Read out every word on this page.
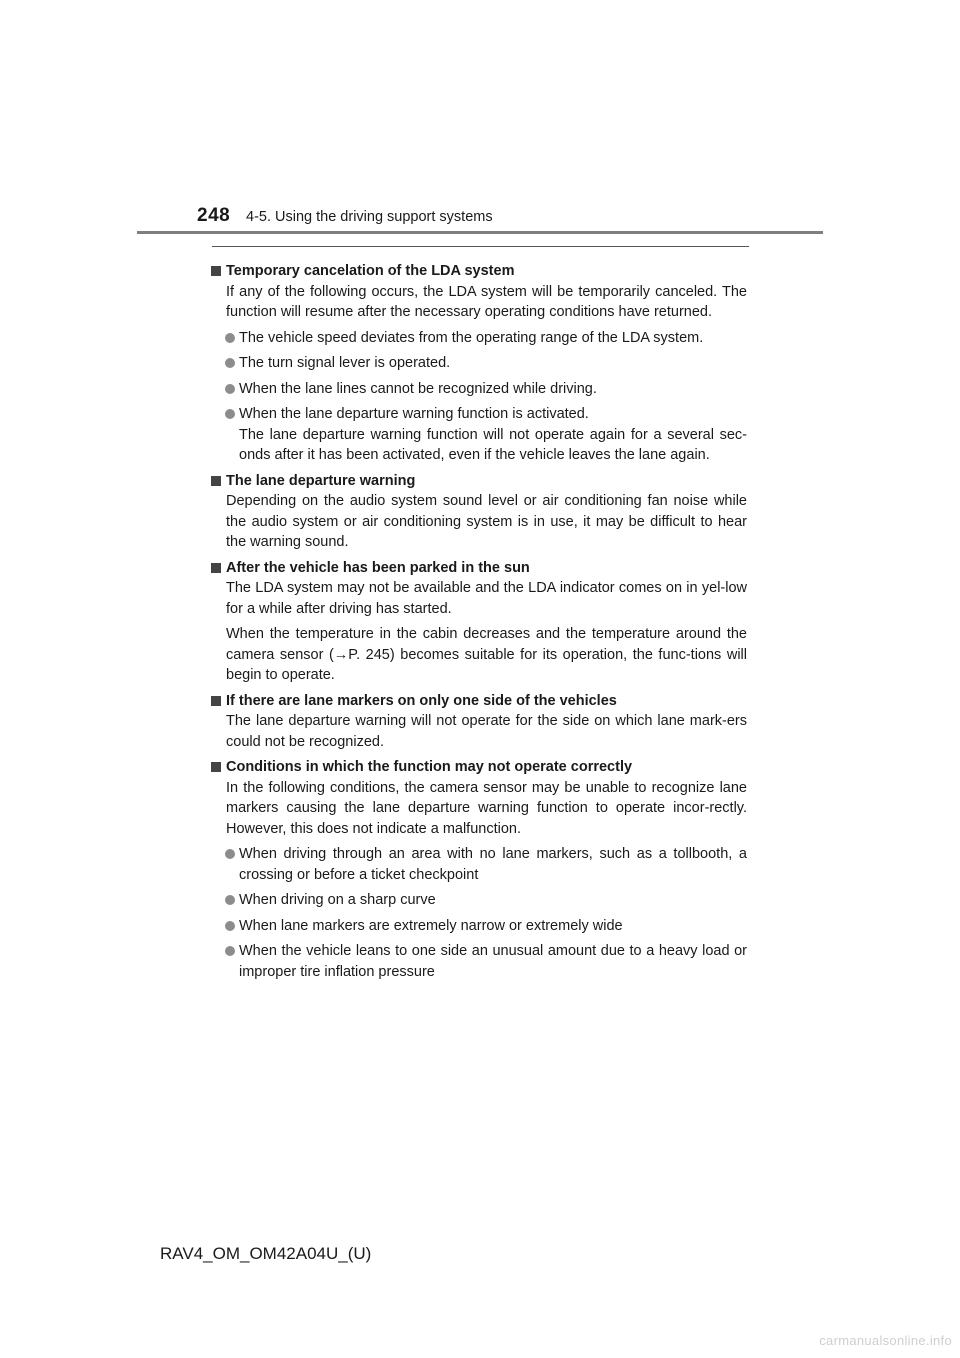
248 4-5. Using the driving support systems
Temporary cancelation of the LDA system
If any of the following occurs, the LDA system will be temporarily canceled. The function will resume after the necessary operating conditions have returned.
The vehicle speed deviates from the operating range of the LDA system.
The turn signal lever is operated.
When the lane lines cannot be recognized while driving.
When the lane departure warning function is activated.
The lane departure warning function will not operate again for a several sec-onds after it has been activated, even if the vehicle leaves the lane again.
The lane departure warning
Depending on the audio system sound level or air conditioning fan noise while the audio system or air conditioning system is in use, it may be difficult to hear the warning sound.
After the vehicle has been parked in the sun
The LDA system may not be available and the LDA indicator comes on in yel-low for a while after driving has started.
When the temperature in the cabin decreases and the temperature around the camera sensor (→P. 245) becomes suitable for its operation, the func-tions will begin to operate.
If there are lane markers on only one side of the vehicles
The lane departure warning will not operate for the side on which lane mark-ers could not be recognized.
Conditions in which the function may not operate correctly
In the following conditions, the camera sensor may be unable to recognize lane markers causing the lane departure warning function to operate incor-rectly. However, this does not indicate a malfunction.
When driving through an area with no lane markers, such as a tollbooth, a crossing or before a ticket checkpoint
When driving on a sharp curve
When lane markers are extremely narrow or extremely wide
When the vehicle leans to one side an unusual amount due to a heavy load or improper tire inflation pressure
RAV4_OM_OM42A04U_(U)
carmanualsonline.info
